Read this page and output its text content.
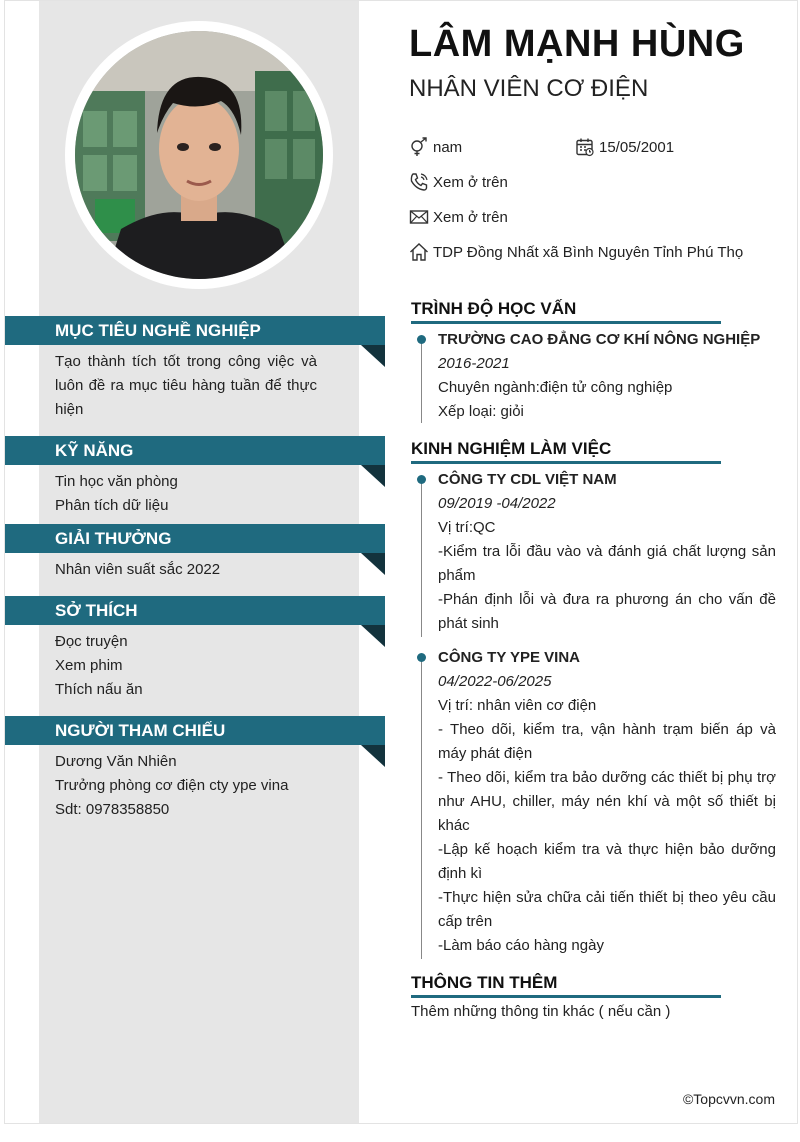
MỤC TIÊU NGHỀ NGHIỆP
Tạo thành tích tốt trong công việc và luôn đề ra mục tiêu hàng tuần để thực hiện
KỸ NĂNG
Tin học văn phòng
Phân tích dữ liệu
GIẢI THƯỞNG
Nhân viên suất sắc 2022
SỞ THÍCH
Đọc truyện
Xem phim
Thích nấu ăn
NGƯỜI THAM CHIẾU
Dương Văn Nhiên
Trưởng phòng cơ điện cty ype vina
Sdt: 0978358850
LÂM MẠNH HÙNG
NHÂN VIÊN CƠ ĐIỆN
nam	15/05/2001
Xem ở trên
Xem ở trên
TDP Đồng Nhất xã Bình Nguyên Tỉnh Phú Thọ
TRÌNH ĐỘ HỌC VẤN
TRƯỜNG CAO ĐẲNG CƠ KHÍ NÔNG NGHIỆP
2016-2021
Chuyên ngành:điện tử công nghiệp
Xếp loại: giỏi
KINH NGHIỆM LÀM VIỆC
CÔNG TY CDL VIỆT NAM
09/2019 -04/2022
Vị trí:QC
-Kiểm tra lỗi đầu vào và đánh giá chất lượng sản phẩm
-Phán định lỗi và đưa ra phương án cho vấn đề phát sinh
CÔNG TY YPE VINA
04/2022-06/2025
Vị trí: nhân viên cơ điện
- Theo dõi, kiểm tra, vận hành trạm biến áp và máy phát điện
- Theo dõi, kiểm tra bảo dưỡng các thiết bị phụ trợ như AHU, chiller, máy nén khí và một số thiết bị khác
-Lập kế hoạch kiểm tra và thực hiện bảo dưỡng định kì
-Thực hiện sửa chữa cải tiến thiết bị theo yêu cầu cấp trên
-Làm báo cáo hàng ngày
THÔNG TIN THÊM
Thêm những thông tin khác ( nếu cần )
©Topcvvn.com
